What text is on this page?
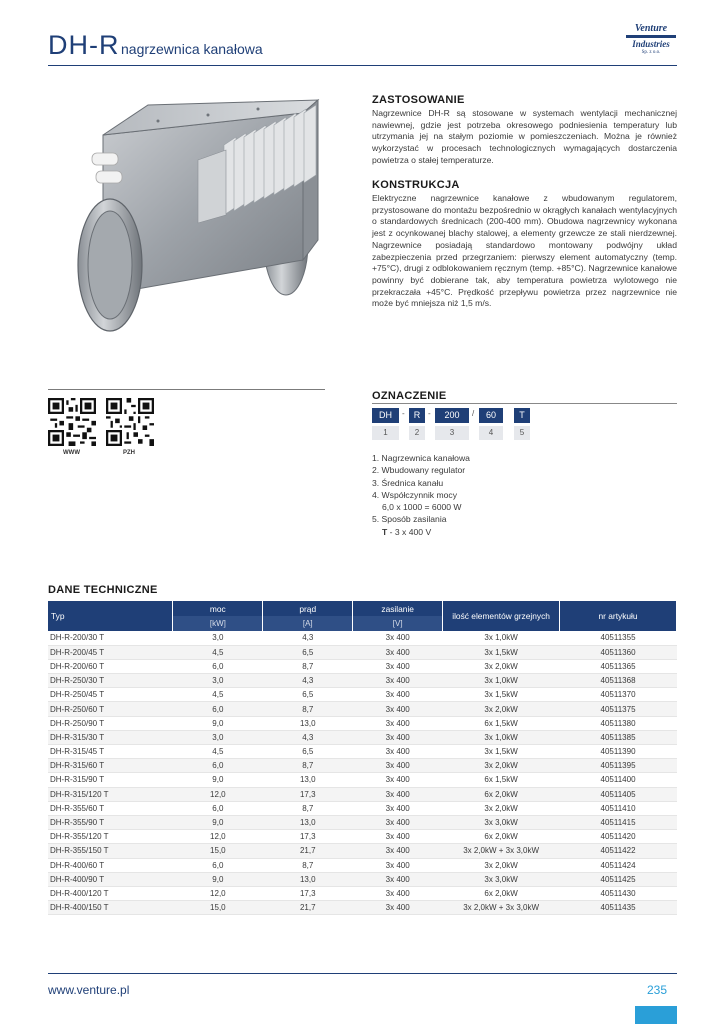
DH-R nagrzewnica kanałowa
Venture
Industries
Sp. z o.o.
ZASTOSOWANIE
Nagrzewnice DH-R są stosowane w systemach wentylacji mechanicznej nawiewnej, gdzie jest potrzeba okresowego podniesienia temperatury lub utrzymania jej na stałym poziomie w pomieszczeniach. Można je również wykorzystać w procesach technologicznych wymagających dostarczenia powietrza o stałej temperaturze.
KONSTRUKCJA
Elektryczne nagrzewnice kanałowe z wbudowanym regulatorem, przystosowane do montażu bezpośrednio w okrągłych kanałach wentylacyjnych o standardowych średnicach (200-400 mm). Obudowa nagrzewnicy wykonana jest z ocynkowanej blachy stalowej, a elementy grzewcze ze stali nierdzewnej. Nagrzewnice posiadają standardowo montowany podwójny układ zabezpieczenia przed przegrzaniem: pierwszy element automatyczny (temp. +75°C), drugi z odblokowaniem ręcznym (temp. +85°C). Nagrzewnice kanałowe powinny być dobierane tak, aby temperatura powietrza wylotowego nie przekraczała +45°C. Prędkość przepływu powietrza przez nagrzewnice nie może być mniejsza niż 1,5 m/s.
WWW	PZH
OZNACZENIE
DH	-	R -	200	/	60	T
1	2	3	4	5
1. Nagrzewnica kanałowa
2. Wbudowany regulator
3. Średnica kanału
4. Współczynnik mocy
6,0 x 1000 = 6000 W
5. Sposób zasilania
T - 3 x 400 V
DANE TECHNICZNE
Typ	moc	prąd	zasilanie	ilość elementów grzejnych	nr artykułu
	[kW]	[A]	[V]		
DH-R-200/30 T	3,0	4,3	3x 400	3x 1,0kW	40511355
DH-R-200/45 T	4,5	6,5	3x 400	3x 1,5kW	40511360
DH-R-200/60 T	6,0	8,7	3x 400	3x 2,0kW	40511365
DH-R-250/30 T	3,0	4,3	3x 400	3x 1,0kW	40511368
DH-R-250/45 T	4,5	6,5	3x 400	3x 1,5kW	40511370
DH-R-250/60 T	6,0	8,7	3x 400	3x 2,0kW	40511375
DH-R-250/90 T	9,0	13,0	3x 400	6x 1,5kW	40511380
DH-R-315/30 T	3,0	4,3	3x 400	3x 1,0kW	40511385
DH-R-315/45 T	4,5	6,5	3x 400	3x 1,5kW	40511390
DH-R-315/60 T	6,0	8,7	3x 400	3x 2,0kW	40511395
DH-R-315/90 T	9,0	13,0	3x 400	6x 1,5kW	40511400
DH-R-315/120 T	12,0	17,3	3x 400	6x 2,0kW	40511405
DH-R-355/60 T	6,0	8,7	3x 400	3x 2,0kW	40511410
DH-R-355/90 T	9,0	13,0	3x 400	3x 3,0kW	40511415
DH-R-355/120 T	12,0	17,3	3x 400	6x 2,0kW	40511420
DH-R-355/150 T	15,0	21,7	3x 400	3x 2,0kW + 3x 3,0kW	40511422
DH-R-400/60 T	6,0	8,7	3x 400	3x 2,0kW	40511424
DH-R-400/90 T	9,0	13,0	3x 400	3x 3,0kW	40511425
DH-R-400/120 T	12,0	17,3	3x 400	6x 2,0kW	40511430
DH-R-400/150 T	15,0	21,7	3x 400	3x 2,0kW + 3x 3,0kW	40511435
www.venture.pl	235
